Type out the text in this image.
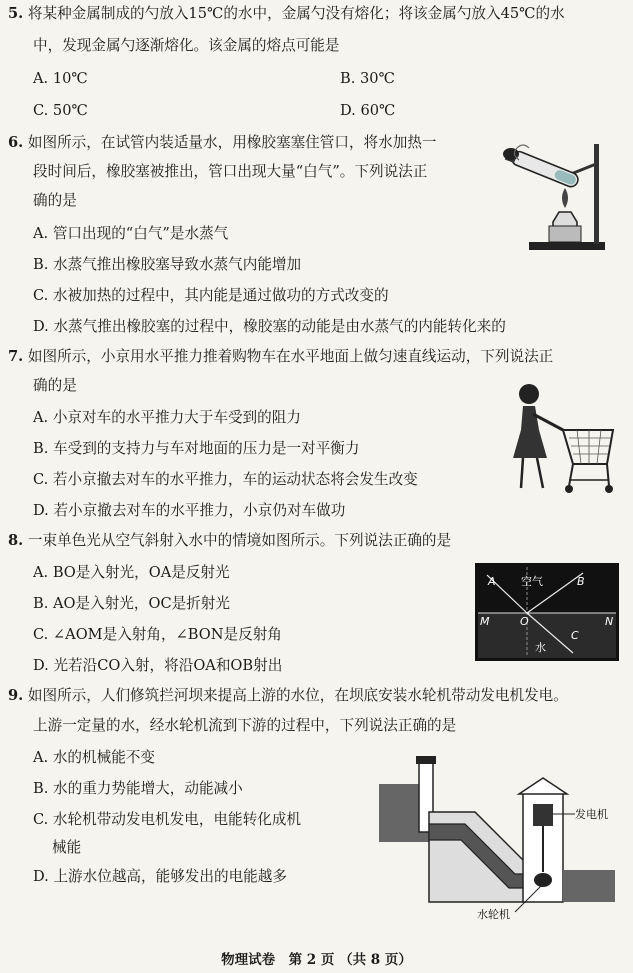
5. 将某种金属制成的勺放入15℃的水中，金属勺没有熔化；将该金属勺放入45℃的水
中，发现金属勺逐渐熔化。该金属的熔点可能是
A. 10℃	B. 30℃
C. 50℃	D. 60℃
6. 如图所示，在试管内装适量水，用橡胶塞塞住管口，将水加热一
段时间后，橡胶塞被推出，管口出现大量“白气”。下列说法正
确的是
A. 管口出现的“白气”是水蒸气
B. 水蒸气推出橡胶塞导致水蒸气内能增加
C. 水被加热的过程中，其内能是通过做功的方式改变的
D. 水蒸气推出橡胶塞的过程中，橡胶塞的动能是由水蒸气的内能转化来的
7. 如图所示，小京用水平推力推着购物车在水平地面上做匀速直线运动，下列说法正
确的是
A. 小京对车的水平推力大于车受到的阻力
B. 车受到的支持力与车对地面的压力是一对平衡力
C. 若小京撤去对车的水平推力，车的运动状态将会发生改变
D. 若小京撤去对车的水平推力，小京仍对车做功
8. 一束单色光从空气斜射入水中的情境如图所示。下列说法正确的是
A. BO是入射光，OA是反射光
B. AO是入射光，OC是折射光
C. ∠AOM是入射角，∠BON是反射角
D. 光若沿CO入射，将沿OA和OB射出
A 空气	B
M	O	N
水
C
9. 如图所示，人们修筑拦河坝来提高上游的水位，在坝底安装水轮机带动发电机发电。
上游一定量的水，经水轮机流到下游的过程中，下列说法正确的是
A. 水的机械能不变
B. 水的重力势能增大，动能减小
C. 水轮机带动发电机发电，电能转化成机
械能
D. 上游水位越高，能够发出的电能越多
发电机
水轮机
物理试卷　第 2 页 （共 8 页）
